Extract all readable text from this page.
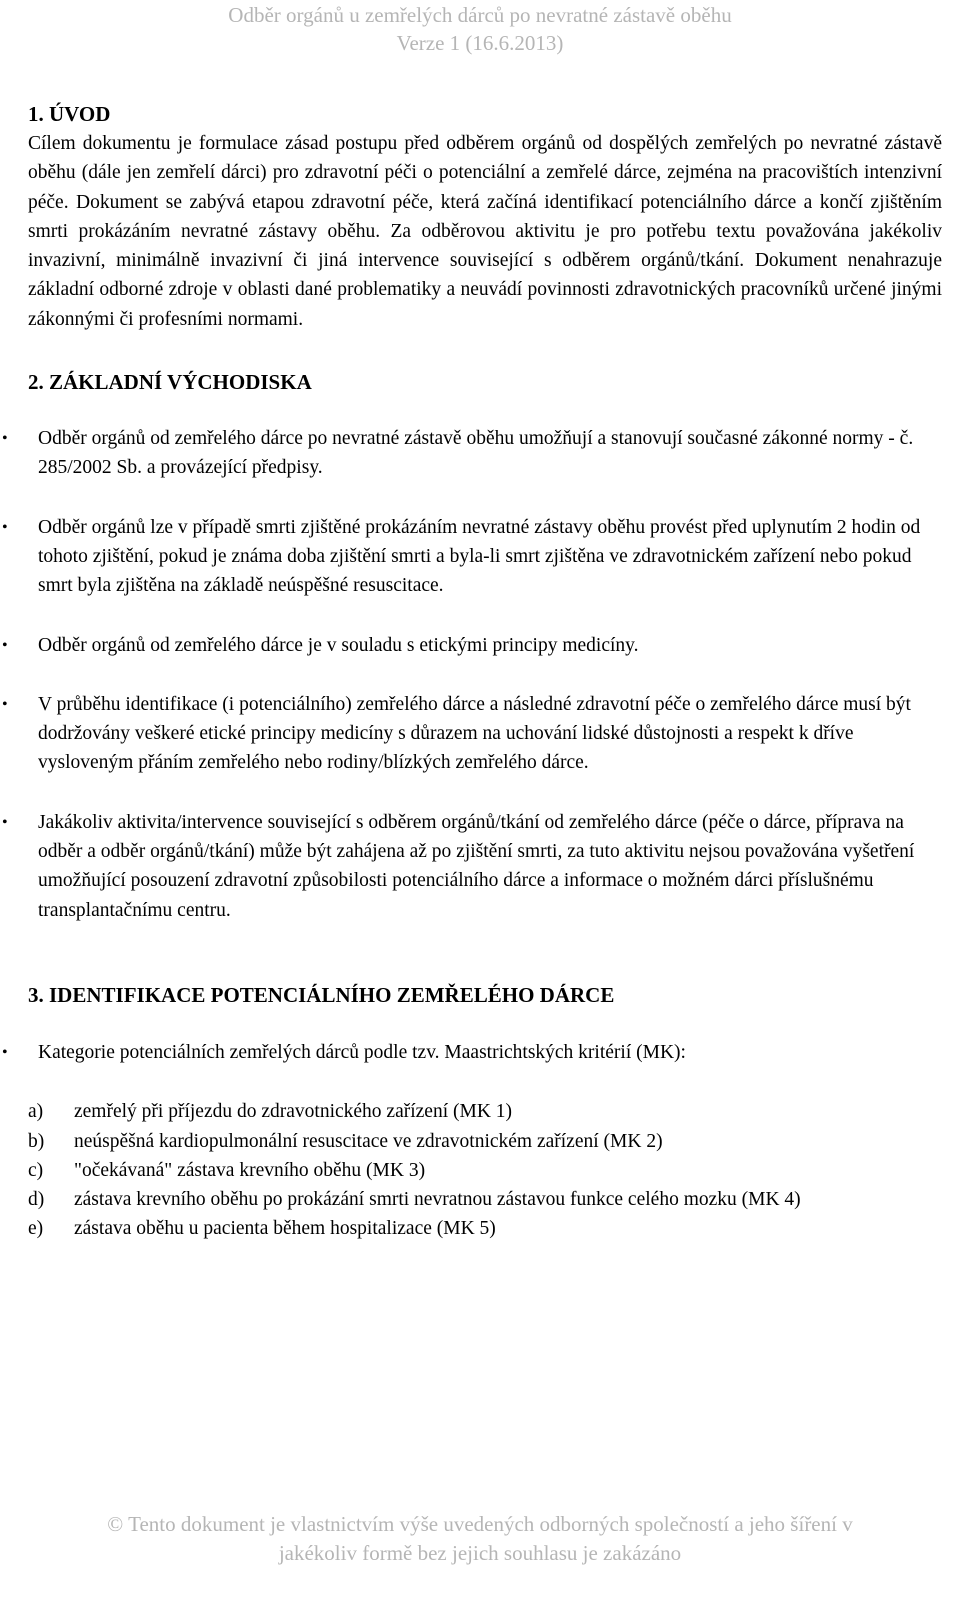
Odběr orgánů u zemřelých dárců po nevratné zástavě oběhu
Verze 1 (16.6.2013)
1. ÚVOD

Cílem dokumentu je formulace zásad postupu před odběrem orgánů od dospělých zemřelých po nevratné zástavě oběhu (dále jen zemřelí dárci) pro zdravotní péči o potenciální a zemřelé dárce, zejména na pracovištích intenzivní péče. Dokument se zabývá etapou zdravotní péče, která začíná identifikací potenciálního dárce a končí zjištěním smrti prokázáním nevratné zástavy oběhu. Za odběrovou aktivitu je pro potřebu textu považována jakékoliv invazivní, minimálně invazivní či jiná intervence související s odběrem orgánů/tkání. Dokument nenahrazuje základní odborné zdroje v oblasti dané problematiky a neuvádí povinnosti zdravotnických pracovníků určené jinými zákonnými či profesními normami.

2. ZÁKLADNÍ VÝCHODISKA
• Odběr orgánů od zemřelého dárce po nevratné zástavě oběhu umožňují a stanovují současné zákonné normy - č. 285/2002 Sb. a provázející předpisy.
• Odběr orgánů lze v případě smrti zjištěné prokázáním nevratné zástavy oběhu provést před uplynutím 2 hodin od tohoto zjištění, pokud je známa doba zjištění smrti a byla-li smrt zjištěna ve zdravotnickém zařízení nebo pokud smrt byla zjištěna na základě neúspěšné resuscitace.
• Odběr orgánů od zemřelého dárce je v souladu s etickými principy medicíny.
• V průběhu identifikace (i potenciálního) zemřelého dárce a následné zdravotní péče o zemřelého dárce musí být dodržovány veškeré etické principy medicíny s důrazem na uchování lidské důstojnosti a respekt k dříve vysloveným přáním zemřelého nebo rodiny/blízkých zemřelého dárce.
• Jakákoliv aktivita/intervence související s odběrem orgánů/tkání od zemřelého dárce (péče o dárce, příprava na odběr a odběr orgánů/tkání) může být zahájena až po zjištění smrti, za tuto aktivitu nejsou považována vyšetření umožňující posouzení zdravotní způsobilosti potenciálního dárce a informace o možném dárci příslušnému transplantačnímu centru.
3. IDENTIFIKACE POTENCIÁLNÍHO ZEMŘELÉHO DÁRCE
• Kategorie potenciálních zemřelých dárců podle tzv. Maastrichtských kritérií (MK):
a) zemřelý při příjezdu do zdravotnického zařízení (MK 1)
b) neúspěšná kardiopulmonální resuscitace ve zdravotnickém zařízení (MK 2)
c) "očekávaná" zástava krevního oběhu (MK 3)
d) zástava krevního oběhu po prokázání smrti nevratnou zástavou funkce celého mozku (MK 4)
e) zástava oběhu u pacienta během hospitalizace (MK 5)
© Tento dokument je vlastnictvím výše uvedených odborných společností a jeho šíření v
jakékoliv formě bez jejich souhlasu je zakázáno
